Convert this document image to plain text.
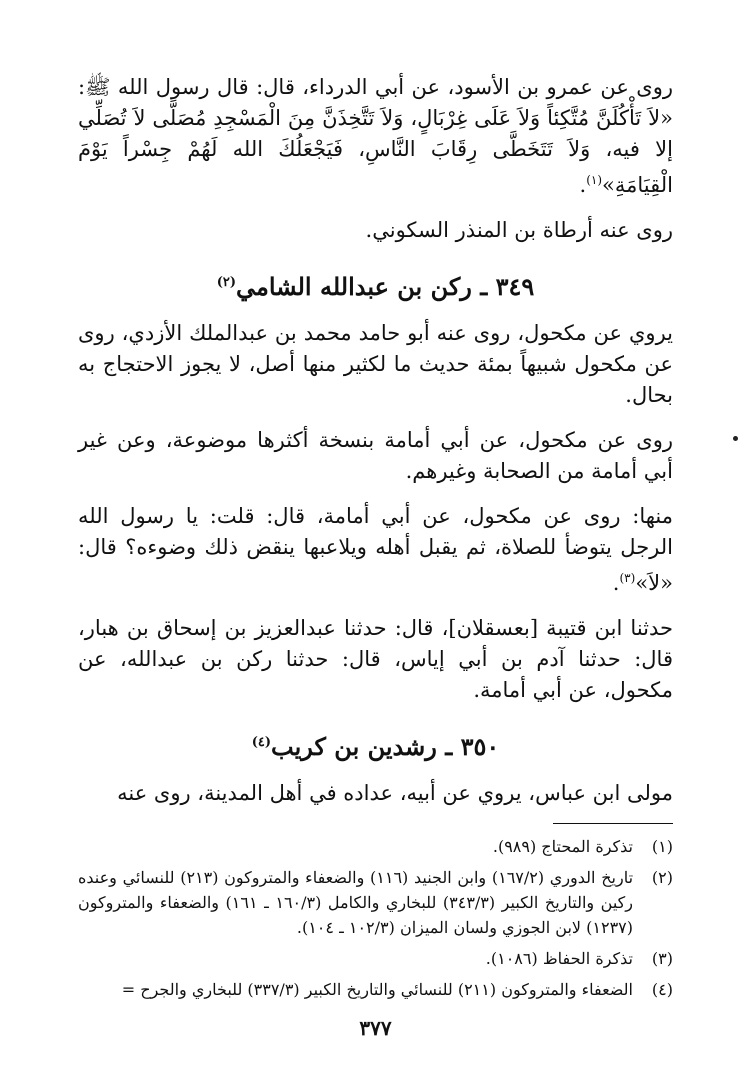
روى عن عمرو بن الأسود، عن أبي الدرداء، قال: قال رسول الله ﷺ: «لاَ تَأْكُلَنَّ مُتَّكِئاً وَلاَ عَلَى غِرْبَالٍ، وَلاَ تَتَّخِذَنَّ مِنَ الْمَسْجِدِ مُصَلًّى لاَ تُصَلِّي إلا فيه، وَلاَ تَتَخَطَّى رِقَابَ النَّاسِ، فَيَجْعَلُكَ الله لَهُمْ جِسْراً يَوْمَ الْقِيَامَةِ»$^{(١)}$.

روى عنه أرطاة بن المنذر السكوني.

٣٤٩ ـ ركن بن عبدالله الشامي$^{(٢)}$

يروي عن مكحول، روى عنه أبو حامد محمد بن عبدالملك الأزدي، روى عن مكحول شبيهاً بمئة حديث ما لكثير منها أصل، لا يجوز الاحتجاج به بحال.

روى عن مكحول، عن أبي أمامة بنسخة أكثرها موضوعة، وعن غير أبي أمامة من الصحابة وغيرهم.

منها: روى عن مكحول، عن أبي أمامة، قال: قلت: يا رسول الله الرجل يتوضأ للصلاة، ثم يقبل أهله ويلاعبها ينقض ذلك وضوءه؟ قال: «لاَ»$^{(٣)}$.

حدثنا ابن قتيبة [بعسقلان]، قال: حدثنا عبدالعزيز بن إسحاق بن هبار، قال: حدثنا آدم بن أبي إياس، قال: حدثنا ركن بن عبدالله، عن مكحول، عن أبي أمامة.

٣٥٠ ـ رشدين بن كريب$^{(٤)}$

مولى ابن عباس، يروي عن أبيه، عداده في أهل المدينة، روى عنه

(١)
تذكرة المحتاج (٩٨٩).
(٢)
تاريخ الدوري (١٦٧/٢) وابن الجنيد (١١٦) والضعفاء والمتروكون (٢١٣) للنسائي وعنده ركين والتاريخ الكبير (٣٤٣/٣) للبخاري والكامل (١٦٠/٣ ـ ١٦١) والضعفاء والمتروكون (١٢٣٧) لابن الجوزي ولسان الميزان (١٠٢/٣ ـ ١٠٤).
(٣)
تذكرة الحفاظ (١٠٨٦).
(٤)
الضعفاء والمتروكون (٢١١) للنسائي والتاريخ الكبير (٣٣٧/٣) للبخاري والجرح =
٣٧٧
